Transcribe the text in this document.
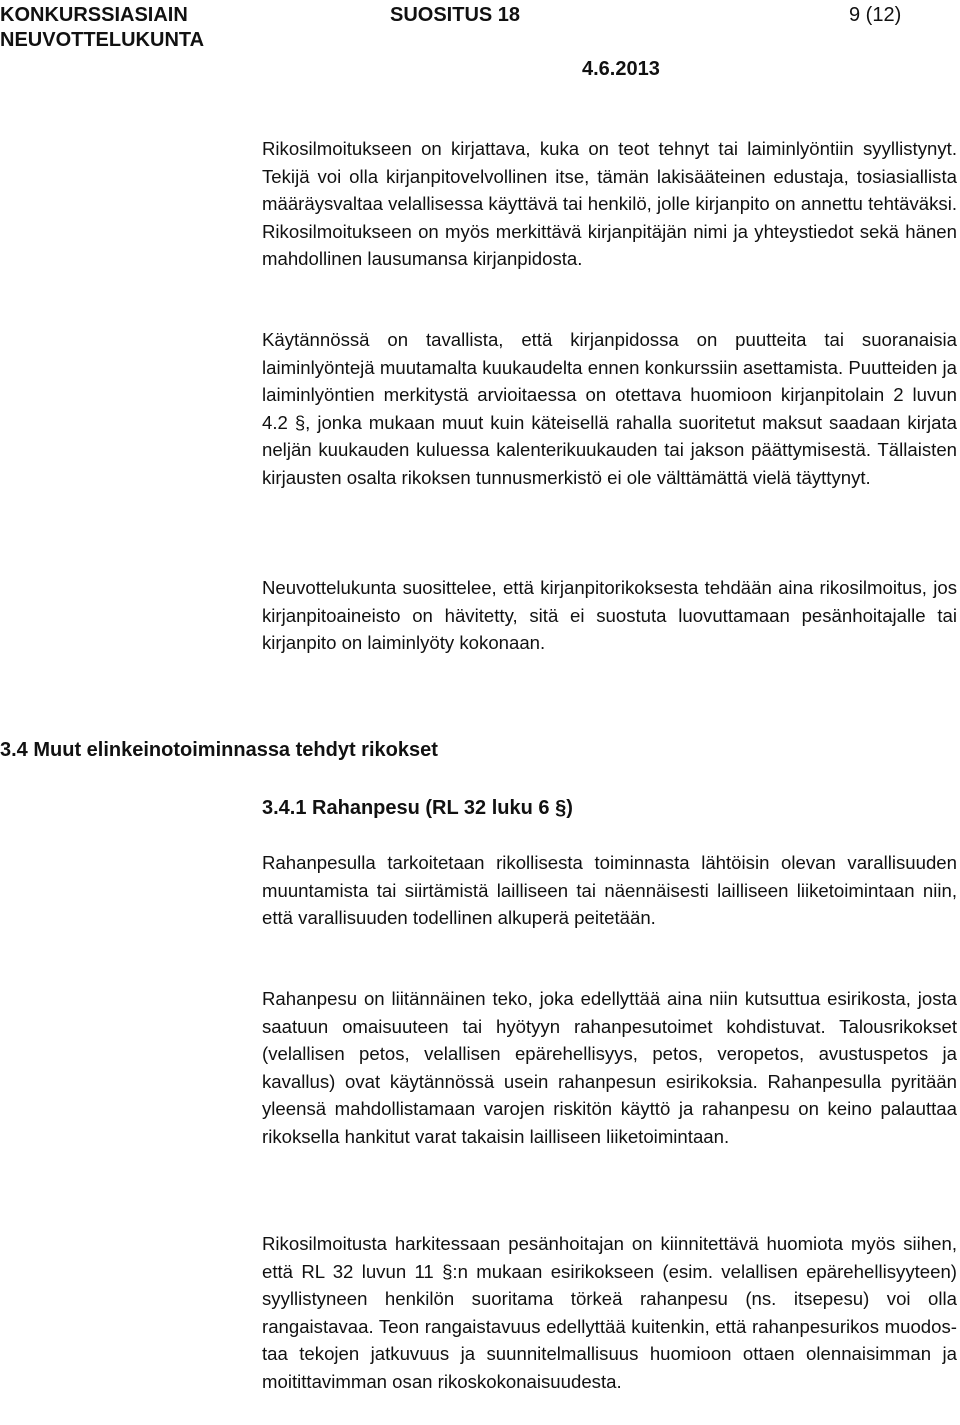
KONKURSSIASIAIN
NEUVOTTELUKUNTA
SUOSITUS 18	9 (12)
4.6.2013

Rikosilmoitukseen on kirjattava, kuka on teot tehnyt tai laiminlyöntiin syyllistynyt. Tekijä voi olla kirjanpitovelvollinen itse, tämän lakisääteinen edustaja, tosiasiallista määräysvaltaa velallisessa käyttävä tai henkilö, jolle kirjanpito on annettu tehtäväksi. Rikosilmoitukseen on myös merkittävä kirjanpitäjän nimi ja yhteystiedot sekä hänen mahdollinen lausumansa kirjanpidosta.

Käytännössä on tavallista, että kirjanpidossa on puutteita tai suoranaisia laiminlyöntejä muutamalta kuukaudelta ennen konkurssiin asettamista. Puutteiden ja laiminlyöntien merkitystä arvioitaessa on otettava huomioon kirjanpitolain 2 luvun 4.2 §, jonka mukaan muut kuin käteisellä rahalla suoritetut maksut saadaan kirjata neljän kuukauden kuluessa kalenterikuukauden tai jakson päättymisestä. Tällaisten kirjausten osalta rikoksen tunnusmerkistö ei ole välttämättä vielä täyttynyt.

Neuvottelukunta suosittelee, että kirjanpitorikoksesta tehdään aina rikosilmoitus, jos kirjanpitoaineisto on hävitetty, sitä ei suostuta luovuttamaan pesänhoitajalle tai kirjanpito on laiminlyöty kokonaan.

3.4 Muut elinkeinotoiminnassa tehdyt rikokset
3.4.1 Rahanpesu (RL 32 luku 6 §)

Rahanpesulla tarkoitetaan rikollisesta toiminnasta lähtöisin olevan varallisuuden muuntamista tai siirtämistä lailliseen tai näennäisesti lailliseen liiketoimintaan niin, että varallisuuden todellinen alkuperä peitetään.

Rahanpesu on liitännäinen teko, joka edellyttää aina niin kutsuttua esirikosta, josta saatuun omaisuuteen tai hyötyyn rahanpesutoimet kohdistuvat. Talousrikokset (velallisen petos, velallisen epärehellisyys, petos, veropetos, avustuspetos ja kavallus) ovat käytännössä usein rahanpesun esirikoksia. Rahanpesulla pyritään yleensä mahdollistamaan varojen riskitön käyttö ja rahanpesu on keino palauttaa rikoksella hankitut varat takaisin lailliseen liiketoimintaan.

Rikosilmoitusta harkitessaan pesänhoitajan on kiinnitettävä huomiota myös siihen, että RL 32 luvun 11 §:n mukaan esirikokseen (esim. velallisen epärehellisyyteen) syyllistyneen henkilön suoritama törkeä rahanpesu (ns. itsepesu) voi olla rangaistavaa. Teon rangaistavuus edellyttää kuitenkin, että rahanpesurikos muodostaa tekojen jatkuvuus ja suunnitelmallisuus huomioon ottaen olennaisimman ja moitittavimman osan rikoskokonaisuudesta.
